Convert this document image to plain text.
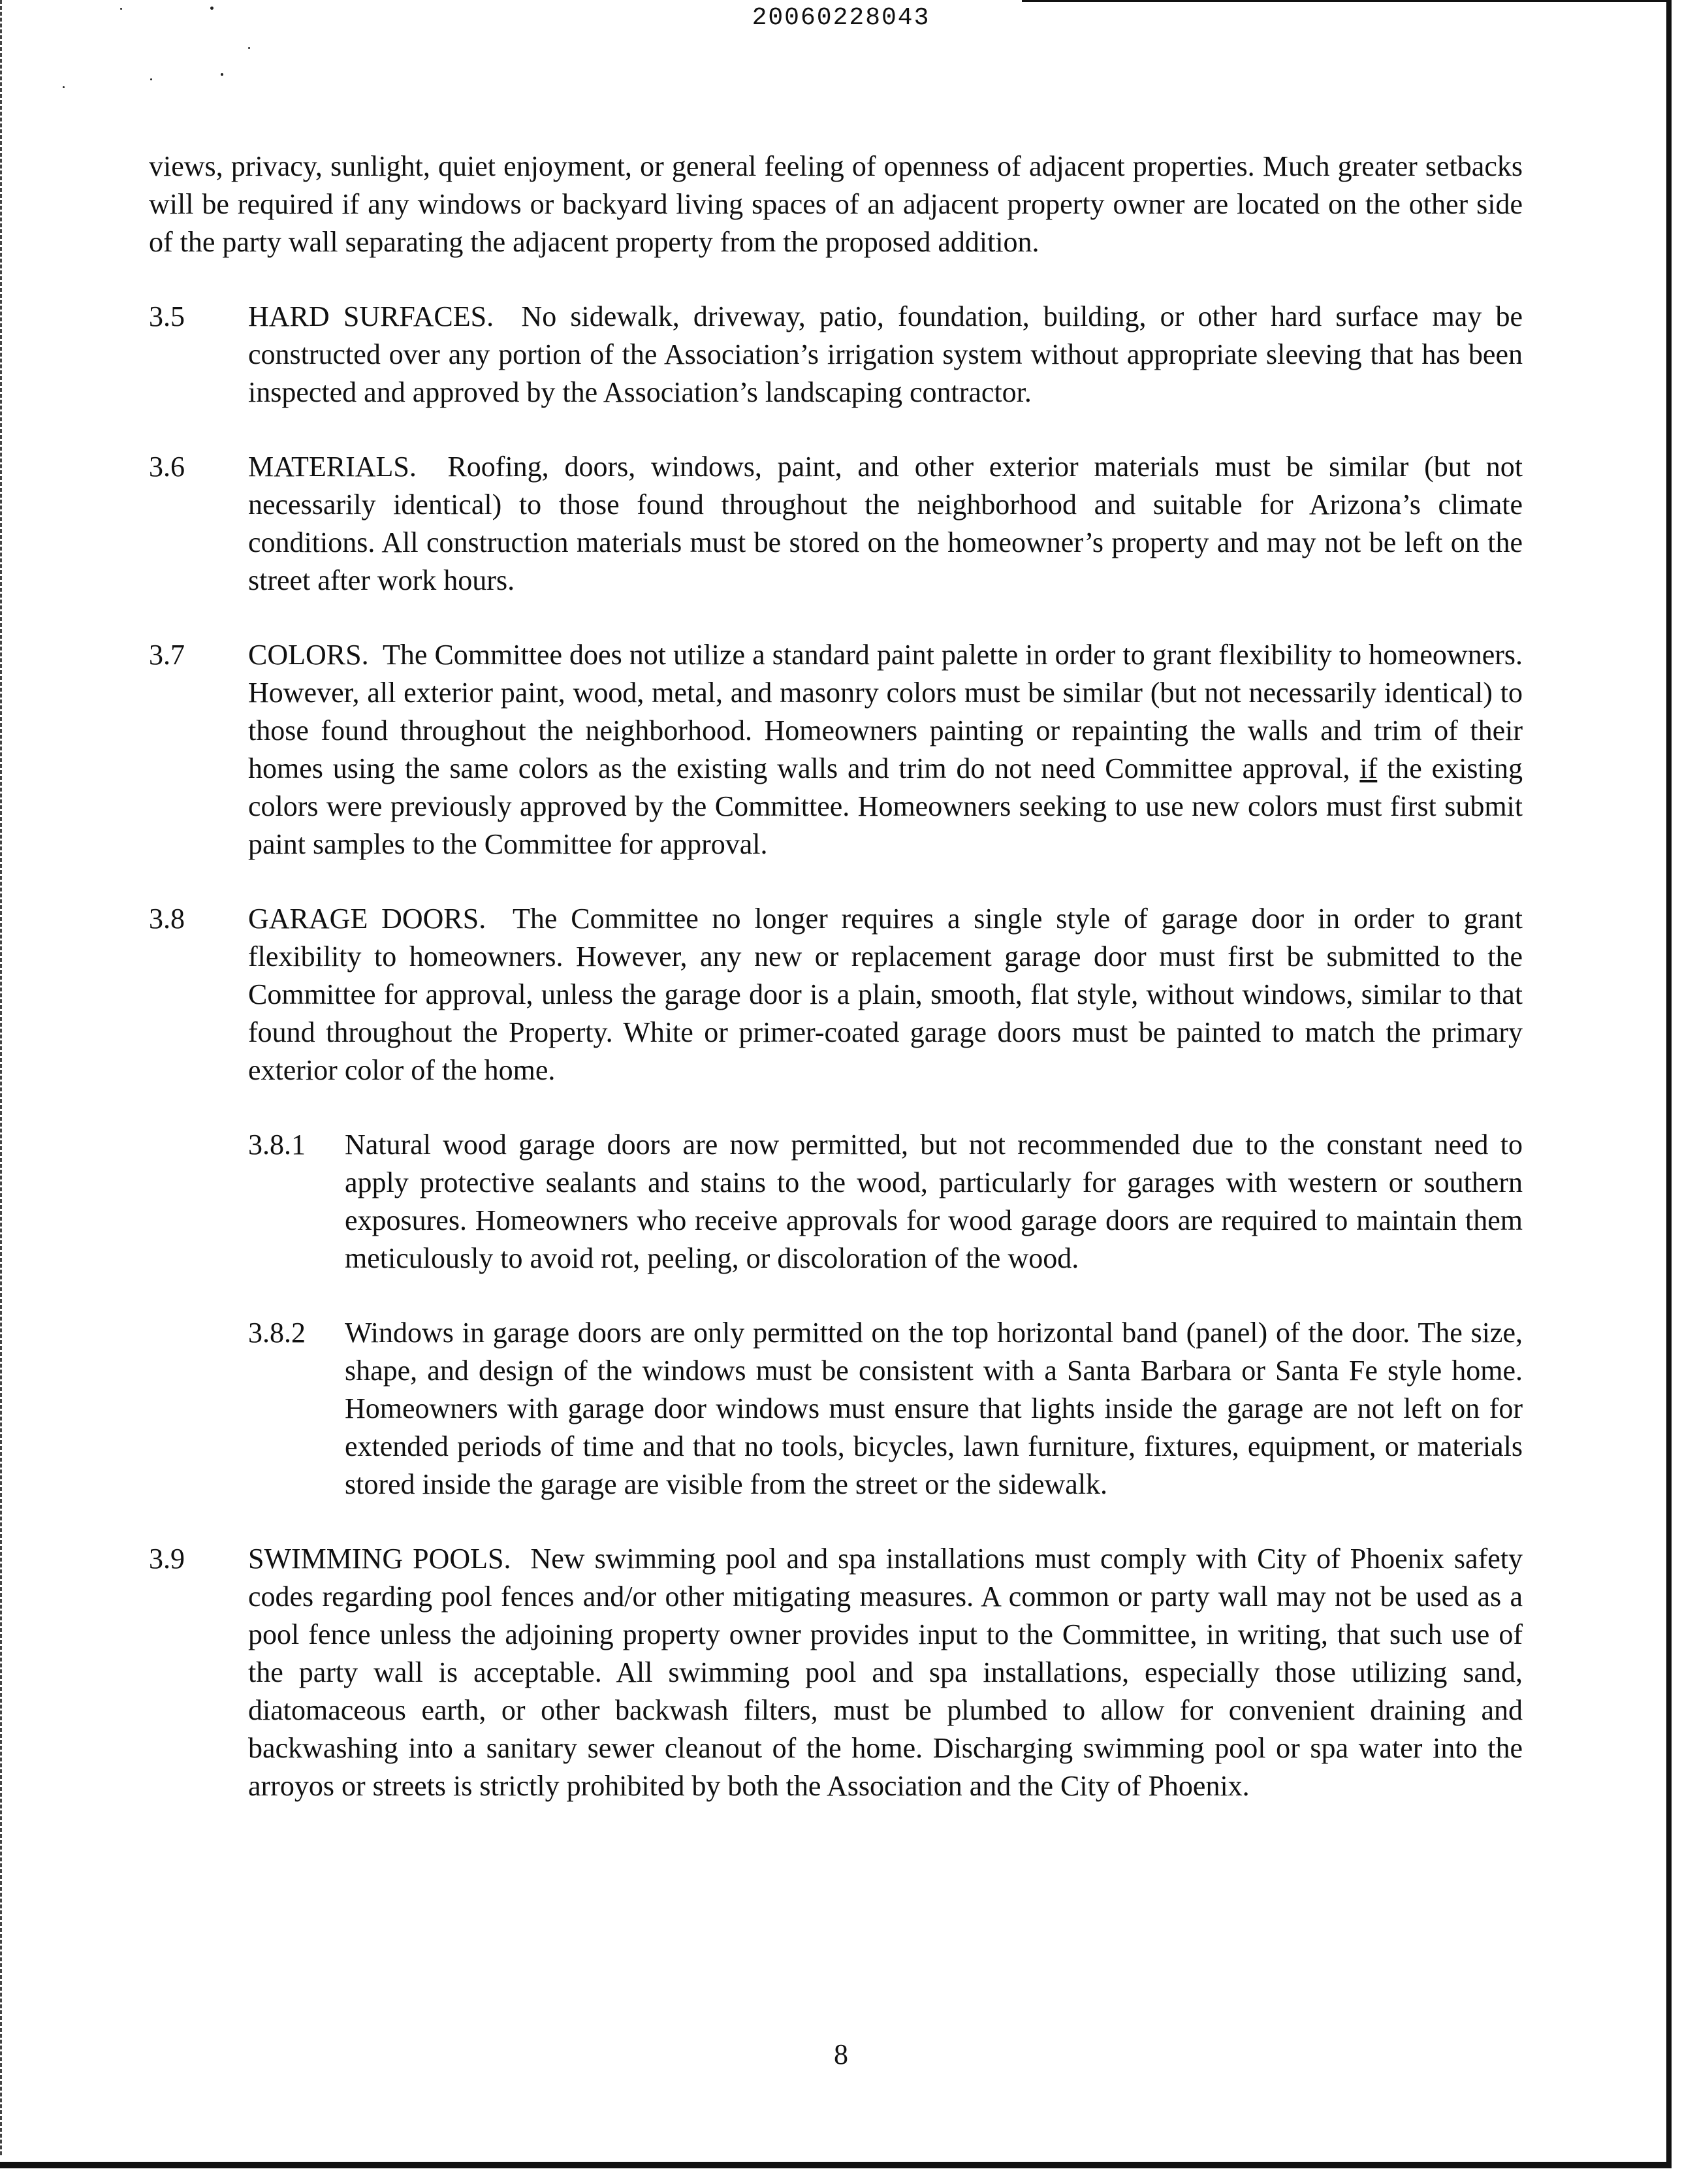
20060228043

views, privacy, sunlight, quiet enjoyment, or general feeling of openness of adjacent properties. Much greater setbacks will be required if any windows or backyard living spaces of an adjacent property owner are located on the other side of the party wall separating the adjacent property from the proposed addition.

3.5 HARD SURFACES. No sidewalk, driveway, patio, foundation, building, or other hard surface may be constructed over any portion of the Association’s irrigation system without appropriate sleeving that has been inspected and approved by the Association’s landscaping contractor.

3.6 MATERIALS. Roofing, doors, windows, paint, and other exterior materials must be similar (but not necessarily identical) to those found throughout the neighborhood and suitable for Arizona’s climate conditions. All construction materials must be stored on the homeowner’s property and may not be left on the street after work hours.

3.7 COLORS. The Committee does not utilize a standard paint palette in order to grant flexibility to homeowners. However, all exterior paint, wood, metal, and masonry colors must be similar (but not necessarily identical) to those found throughout the neighborhood. Homeowners painting or repainting the walls and trim of their homes using the same colors as the existing walls and trim do not need Committee approval, if the existing colors were previously approved by the Committee. Homeowners seeking to use new colors must first submit paint samples to the Committee for approval.

3.8 GARAGE DOORS. The Committee no longer requires a single style of garage door in order to grant flexibility to homeowners. However, any new or replacement garage door must first be submitted to the Committee for approval, unless the garage door is a plain, smooth, flat style, without windows, similar to that found throughout the Property. White or primer-coated garage doors must be painted to match the primary exterior color of the home.

3.8.1 Natural wood garage doors are now permitted, but not recommended due to the constant need to apply protective sealants and stains to the wood, particularly for garages with western or southern exposures. Homeowners who receive approvals for wood garage doors are required to maintain them meticulously to avoid rot, peeling, or discoloration of the wood.

3.8.2 Windows in garage doors are only permitted on the top horizontal band (panel) of the door. The size, shape, and design of the windows must be consistent with a Santa Barbara or Santa Fe style home. Homeowners with garage door windows must ensure that lights inside the garage are not left on for extended periods of time and that no tools, bicycles, lawn furniture, fixtures, equipment, or materials stored inside the garage are visible from the street or the sidewalk.

3.9 SWIMMING POOLS. New swimming pool and spa installations must comply with City of Phoenix safety codes regarding pool fences and/or other mitigating measures. A common or party wall may not be used as a pool fence unless the adjoining property owner provides input to the Committee, in writing, that such use of the party wall is acceptable. All swimming pool and spa installations, especially those utilizing sand, diatomaceous earth, or other backwash filters, must be plumbed to allow for convenient draining and backwashing into a sanitary sewer cleanout of the home. Discharging swimming pool or spa water into the arroyos or streets is strictly prohibited by both the Association and the City of Phoenix.

8
